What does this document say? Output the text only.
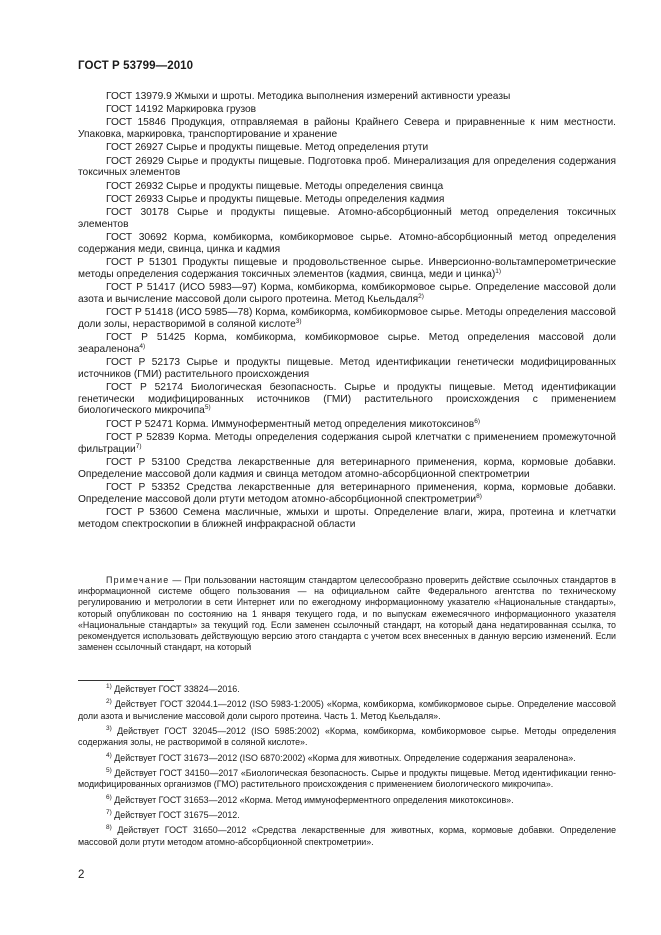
ГОСТ Р 53799—2010

ГОСТ 13979.9 Жмыхи и шроты. Методика выполнения измерений активности уреазы

ГОСТ 14192 Маркировка грузов

ГОСТ 15846 Продукция, отправляемая в районы Крайнего Севера и приравненные к ним местности. Упаковка, маркировка, транспортирование и хранение

ГОСТ 26927 Сырье и продукты пищевые. Метод определения ртути

ГОСТ 26929 Сырье и продукты пищевые. Подготовка проб. Минерализация для определения содержания токсичных элементов

ГОСТ 26932 Сырье и продукты пищевые. Методы определения свинца

ГОСТ 26933 Сырье и продукты пищевые. Методы определения кадмия

ГОСТ 30178 Сырье и продукты пищевые. Атомно-абсорбционный метод определения токсичных элементов

ГОСТ 30692 Корма, комбикорма, комбикормовое сырье. Атомно-абсорбционный метод определения содержания меди, свинца, цинка и кадмия

ГОСТ Р 51301 Продукты пищевые и продовольственное сырье. Инверсионно-вольтамперометрические методы определения содержания токсичных элементов (кадмия, свинца, меди и цинка)$^{1)}$

ГОСТ Р 51417 (ИСО 5983—97) Корма, комбикорма, комбикормовое сырье. Определение массовой доли азота и вычисление массовой доли сырого протеина. Метод Кьельдаля$^{2)}$

ГОСТ Р 51418 (ИСО 5985—78) Корма, комбикорма, комбикормовое сырье. Методы определения массовой доли золы, нерастворимой в соляной кислоте$^{3)}$

ГОСТ Р 51425 Корма, комбикорма, комбикормовое сырье. Метод определения массовой доли зеараленона$^{4)}$

ГОСТ Р 52173 Сырье и продукты пищевые. Метод идентификации генетически модифицированных источников (ГМИ) растительного происхождения

ГОСТ Р 52174 Биологическая безопасность. Сырье и продукты пищевые. Метод идентификации генетически модифицированных источников (ГМИ) растительного происхождения с применением биологического микрочипа$^{5)}$

ГОСТ Р 52471 Корма. Иммуноферментный метод определения микотоксинов$^{6)}$

ГОСТ Р 52839 Корма. Методы определения содержания сырой клетчатки с применением промежуточной фильтрации$^{7)}$

ГОСТ Р 53100 Средства лекарственные для ветеринарного применения, корма, кормовые добавки. Определение массовой доли кадмия и свинца методом атомно-абсорбционной спектрометрии

ГОСТ Р 53352 Средства лекарственные для ветеринарного применения, корма, кормовые добавки. Определение массовой доли ртути методом атомно-абсорбционной спектрометрии$^{8)}$

ГОСТ Р 53600 Семена масличные, жмыхи и шроты. Определение влаги, жира, протеина и клетчатки методом спектроскопии в ближней инфракрасной области

Примечание — При пользовании настоящим стандартом целесообразно проверить действие ссылочных стандартов в информационной системе общего пользования — на официальном сайте Федерального агентства по техническому регулированию и метрологии в сети Интернет или по ежегодному информационному указателю «Национальные стандарты», который опубликован по состоянию на 1 января текущего года, и по выпускам ежемесячного информационного указателя «Национальные стандарты» за текущий год. Если заменен ссылочный стандарт, на который дана недатированная ссылка, то рекомендуется использовать действующую версию этого стандарта с учетом всех внесенных в данную версию изменений. Если заменен ссылочный стандарт, на который

$^{1)}$ Действует ГОСТ 33824—2016.

$^{2)}$ Действует ГОСТ 32044.1—2012 (ISO 5983-1:2005) «Корма, комбикорма, комбикормовое сырье. Определение массовой доли азота и вычисление массовой доли сырого протеина. Часть 1. Метод Кьельдаля».

$^{3)}$ Действует ГОСТ 32045—2012 (ISO 5985:2002) «Корма, комбикорма, комбикормовое сырье. Методы определения содержания золы, не растворимой в соляной кислоте».

$^{4)}$ Действует ГОСТ 31673—2012 (ISO 6870:2002) «Корма для животных. Определение содержания зеараленона».

$^{5)}$ Действует ГОСТ 34150—2017 «Биологическая безопасность. Сырье и продукты пищевые. Метод идентификации генно-модифицированных организмов (ГМО) растительного происхождения с применением биологического микрочипа».

$^{6)}$ Действует ГОСТ 31653—2012 «Корма. Метод иммуноферментного определения микотоксинов».

$^{7)}$ Действует ГОСТ 31675—2012.

$^{8)}$ Действует ГОСТ 31650—2012 «Средства лекарственные для животных, корма, кормовые добавки. Определение массовой доли ртути методом атомно-абсорбционной спектрометрии».

2
